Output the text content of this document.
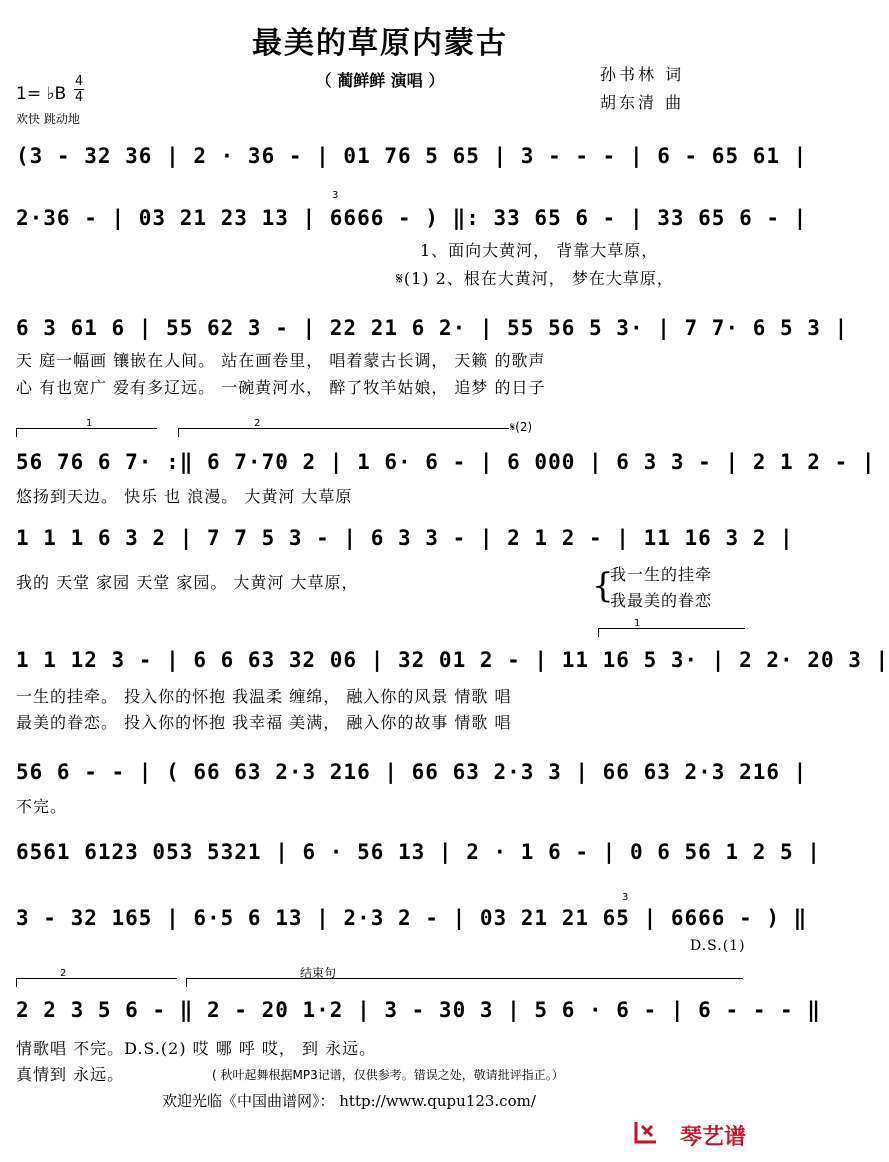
最美的草原内蒙古
（ 蔺鲜鲜 演唱 ）	孙书林 词
胡东清 曲
1= ♭B
4
4
欢快 跳动地
(3 - 32 36 | 2 · 36 - | 01 76 5 65 | 3 - - - | 6 - 65 61 |
3
2·36 - | 03 21 23 13 | 6666 - ) ‖: 33 65 6 - | 33 65 6 - |
1、面向大黄河， 背靠大草原，
𝄋(1) 2、根在大黄河， 梦在大草原，
6 3 61 6 | 55 62 3 - | 22 21 6 2· | 55 56 5 3· | 7 7· 6 5 3 |
天 庭一幅画 镶嵌在人间。 站在画卷里， 唱着蒙古长调， 天籁 的歌声
心 有也宽广 爱有多辽远。 一碗黄河水， 醉了牧羊姑娘， 追梦 的日子
1	2	𝄋(2)
56 76 6 7· :‖ 6 7·70 2 | 1 6· 6 - | 6 000 | 6 3 3 - | 2 1 2 - |
悠扬到天边。 快乐 也 浪漫。 大黄河 大草原
1 1 1 6 3 2 | 7 7 5 3 - | 6 3 3 - | 2 1 2 - | 11 16 3 2 |
我的 天堂 家园 天堂 家园。 大黄河 大草原，	{
我一生的挂牵
我最美的眷恋
1
1 1 12 3 - | 6 6 63 32 06 | 32 01 2 - | 11 16 5 3· | 2 2· 20 3 |
一生的挂牵。 投入你的怀抱 我温柔 缠绵， 融入你的风景 情歌 唱
最美的眷恋。 投入你的怀抱 我幸福 美满， 融入你的故事 情歌 唱
56 6 - - | ( 66 63 2·3 216 | 66 63 2·3 3 | 66 63 2·3 216 |
不完。
6561 6123 053 5321 | 6 · 56 13 | 2 · 1 6 - | 0 6 56 1 2 5 |
3
3 - 32 165 | 6·5 6 13 | 2·3 2 - | 03 21 21 65 | 6666 - ) ‖
D.S.(1)
2	结束句
2 2 3 5 6 - ‖ 2 - 20 1·2 | 3 - 30 3 | 5 6 · 6 - | 6 - - - ‖
情歌唱 不完。D.S.(2) 哎 哪 呼 哎， 到 永远。
真情到 永远。	( 秋叶起舞根据MP3记谱，仅供参考。错误之处，敬请批评指正。）
欢迎光临《中国曲谱网》： http://www.qupu123.com/
琴艺谱
